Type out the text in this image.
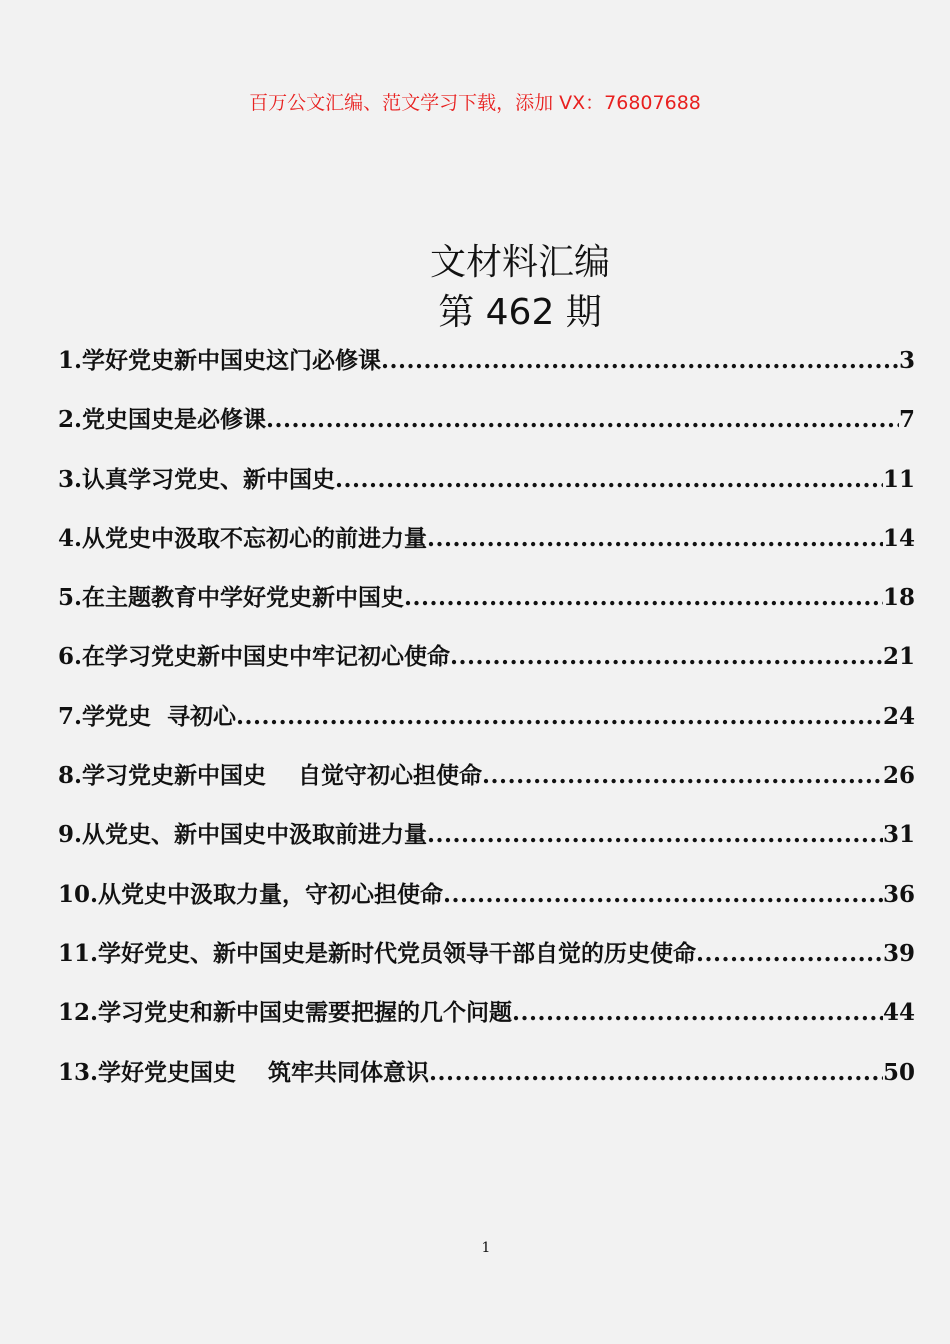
百万公文汇编、范文学习下载，添加 VX：76807688
文材料汇编
第 462 期
1.学好党史新中国史这门必修课 .....	3
2.党史国史是必修课 .....	7
3.认真学习党史、新中国史 .....	11
4.从党史中汲取不忘初心的前进力量 .....	14
5.在主题教育中学好党史新中国史 .....	18
6.在学习党史新中国史中牢记初心使命 .....	21
7.学党史  寻初心 .....	24
8.学习党史新中国史    自觉守初心担使命 .....	26
9.从党史、新中国史中汲取前进力量 .....	31
10.从党史中汲取力量，守初心担使命 .....	36
11.学好党史、新中国史是新时代党员领导干部自觉的历史使命 .....	39
12.学习党史和新中国史需要把握的几个问题 .....	44
13.学好党史国史    筑牢共同体意识 .....	50
1
